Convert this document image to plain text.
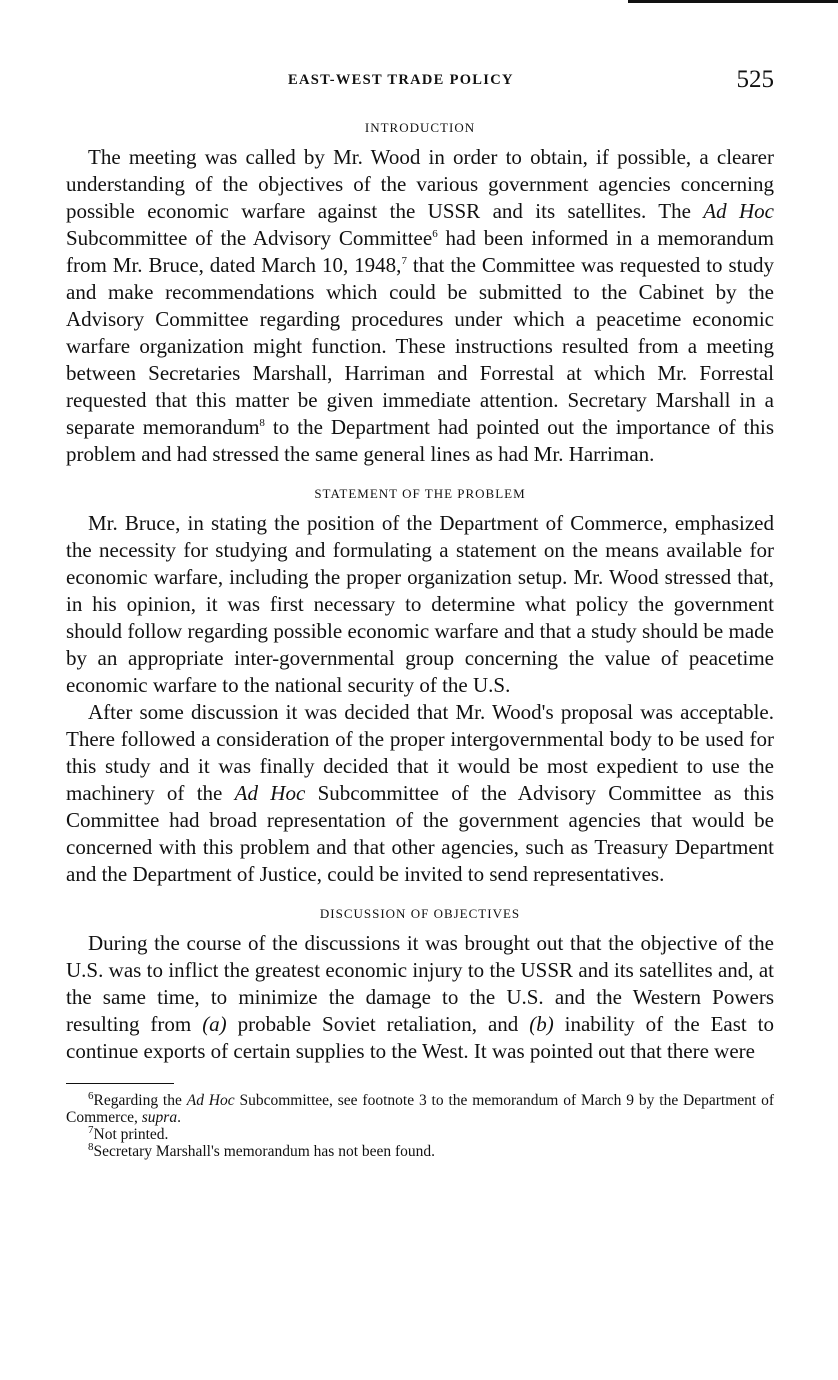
EAST-WEST TRADE POLICY	525
INTRODUCTION

The meeting was called by Mr. Wood in order to obtain, if possible, a clearer understanding of the objectives of the various government agencies concerning possible economic warfare against the USSR and its satellites. The Ad Hoc Subcommittee of the Advisory Committee$^6$ had been informed in a memorandum from Mr. Bruce, dated March 10, 1948,$^7$ that the Committee was requested to study and make recommendations which could be submitted to the Cabinet by the Advisory Committee regarding procedures under which a peacetime economic warfare organization might function. These instructions resulted from a meeting between Secretaries Marshall, Harriman and Forrestal at which Mr. Forrestal requested that this matter be given immediate attention. Secretary Marshall in a separate memorandum$^8$ to the Department had pointed out the importance of this problem and had stressed the same general lines as had Mr. Harriman.

STATEMENT OF THE PROBLEM

Mr. Bruce, in stating the position of the Department of Commerce, emphasized the necessity for studying and formulating a statement on the means available for economic warfare, including the proper organization setup. Mr. Wood stressed that, in his opinion, it was first necessary to determine what policy the government should follow regarding possible economic warfare and that a study should be made by an appropriate inter-governmental group concerning the value of peacetime economic warfare to the national security of the U.S.

After some discussion it was decided that Mr. Wood's proposal was acceptable. There followed a consideration of the proper intergovernmental body to be used for this study and it was finally decided that it would be most expedient to use the machinery of the Ad Hoc Subcommittee of the Advisory Committee as this Committee had broad representation of the government agencies that would be concerned with this problem and that other agencies, such as Treasury Department and the Department of Justice, could be invited to send representatives.

DISCUSSION OF OBJECTIVES

During the course of the discussions it was brought out that the objective of the U.S. was to inflict the greatest economic injury to the USSR and its satellites and, at the same time, to minimize the damage to the U.S. and the Western Powers resulting from (a) probable Soviet retaliation, and (b) inability of the East to continue exports of certain supplies to the West. It was pointed out that there were

$^6$Regarding the Ad Hoc Subcommittee, see footnote 3 to the memorandum of March 9 by the Department of Commerce, supra.

$^7$Not printed.

$^8$Secretary Marshall's memorandum has not been found.
